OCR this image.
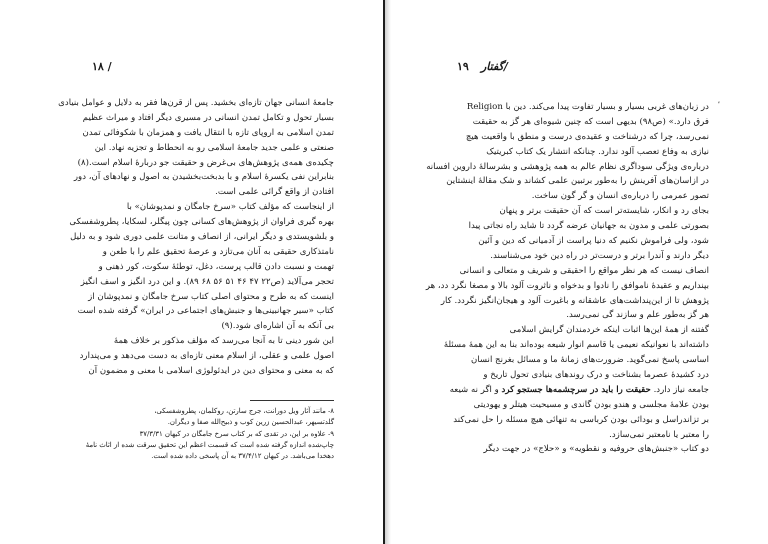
۱۸ /
جامعهٔ انسانی جهان تازه‌ای بخشید. پس از قرن‌ها فقر به دلایل و عوامل بنیادی
بسیار تحول و تکامل تمدن انسانی در مسیری دیگر افتاد و میراث عظیم
تمدن اسلامی به اروپای تازه با انتقال یافت و همزمان با شکوفائی تمدن
صنعتی و علمی جدید جامعهٔ اسلامی رو به انحطاط و تجزیه نهاد. این
چکیده‌ی همه‌ی پژوهش‌های بی‌غرض و حقیقت جو دربارهٔ اسلام است.(۸)
بنابراین نفی یکسرهٔ اسلام و با بدبخت‌بخشیدن به اصول و نهادهای آن، دور
افتادن از واقع گرائی علمی است.
از اینجاست که مؤلف کتاب «سرخ جامگان و نمدپوشان» با
بهره گیری فراوان از پژوهش‌های کسانی چون پیگلر، لسکایا، پطروشفسکی
و بلشویستدی و دیگر ایرانی، از انصاف و متانت علمی دوری شود و به دلیل
نامتذکاری حقیقی به آنان می‌تازد و عرصهٔ تحقیق علم را با طعن و
تهمت و نسبت دادن قالب پرست، دغل، توطئهٔ سکوت، کور ذهنی و
تحجر می‌آلاید (ص۲۲ ۴۷ ۴۶ ۵۱ ۵۶ ۶۸ ۸۹). و این درد انگیز و اسف انگیز
اینست که به طرح و محتوای اصلی کتاب سرخ جامگان و نمدپوشان از
کتاب «سیر جهانبینی‌ها و جنبش‌های اجتماعی در ایران» گرفته شده است
بی آنکه به آن اشاره‌ای شود.(۹)
این شور دینی تا به آنجا می‌رسد که مؤلف مذکور بر خلاف همهٔ
اصول علمی و عقلی، از اسلام معنی تازه‌ای به دست می‌دهد و می‌پندارد
که به معنی و محتوای دین در ایدئولوژی اسلامی با معنی و مضمون آن
۸- مانند آثار ویل دورانت، جرج سارتن، روکلمان، پطروشفسکی،
گلدتسیهر، عبدالحسین زرین کوب و ذبیح‌الله صفا و دیگران.
۹- علاوه بر این، در تقدی که بر کتاب سرخ جامگان در کیهان ۳۷/۳/۳۱
چاپ‌شده اندازه گرفته شده است که قسمت اعظم این تحقیق سرقت شده از اثاث نامهٔ
دهخدا می‌باشد. در کیهان ۳۷/۴/۱۲ به آن پاسخی داده شده است.
۱۹ گفتار/
در زبان‌های غربی بسیار و بسیار تفاوت پیدا می‌کند. دین با Religion
فرق دارد.» (ص۹۸) بدیهی است که چنین شیوه‌ای هر گز به حقیقت
نمی‌رسد، چرا که درشناخت و عقیده‌ی درست و منطق با واقعیت هیچ
نیازی به وفاع تعصب آلود ندارد. چنانکه انتشار یک کتاب کبریتیک
درباره‌ی ویژگی سوداگری نظام عالم به همه پژوهشی و بشرسالهٔ داروین افسانه
در ازاسان‌های آفرینش را به‌طور برتبین علمی کشاند و شک مقالهٔ اینشتاین
تصور عمرمی را درباره‌ی انسان و گر گون ساخت.
بجای رد و انکار، شایسته‌تر است که آن حقیقت برتر و پنهان
بصورتی علمی و مدون به جهانیان عرضه گردد تا شاید راه نجاتی پیدا
شود، ولی فراموش نکنیم که دنیا پراست از آدمیانی که دین و آئین
دیگر دارند و آندرا برتر و درست‌تر در راه دین خود می‌شناسند.
انصاف نیست که هر نظر مواقع را احقیقی و شریف و متعالی و انسانی
بپنداریم و عقیدهٔ ناموافق را نادوا و بدخواه و ناثروت آلود بالا و مصغا نگرد دد، هر
پژوهش تا از این‌پنداشت‌های عاشقانه و باغیرت آلود و هیجان‌انگیز نگردد. کار
هر گز به‌طور علم و سازند گی نمی‌رسد.
گفتنه از همهٔ این‌ها اثبات اینکه خردمندان گرایش اسلامی
داشته‌اند با نعوانیکه نعیمی یا قاسم انوار شیعه بوده‌اند بنا به این همهٔ مسئلهٔ
اساسی پاسخ نمی‌گوید. ضرورت‌های زمانهٔ ما و مسائل بغرنج انسان
درد کشیدهٔ عصرما بشناخت و درک روندهای بنیادی تحول تاریخ و
جامعه نیاز دارد. حقیقت را باید در سرچشمه‌ها جستجو کرد و اگر نه شیعه
بودن علامهٔ مجلسی و هندو بودن گاندی و مسیحیت هیتلر و یهودیتی
بر تزاندراسل و بودائی بودن کرباسی به تنهائی هیچ مسئله را حل نمی‌کند
را معتبر یا نامعتبر نمی‌سازد.
دو کتاب «جنبش‌های حروفیه و نقطویه» و «حلاج» در جهت دیگر
